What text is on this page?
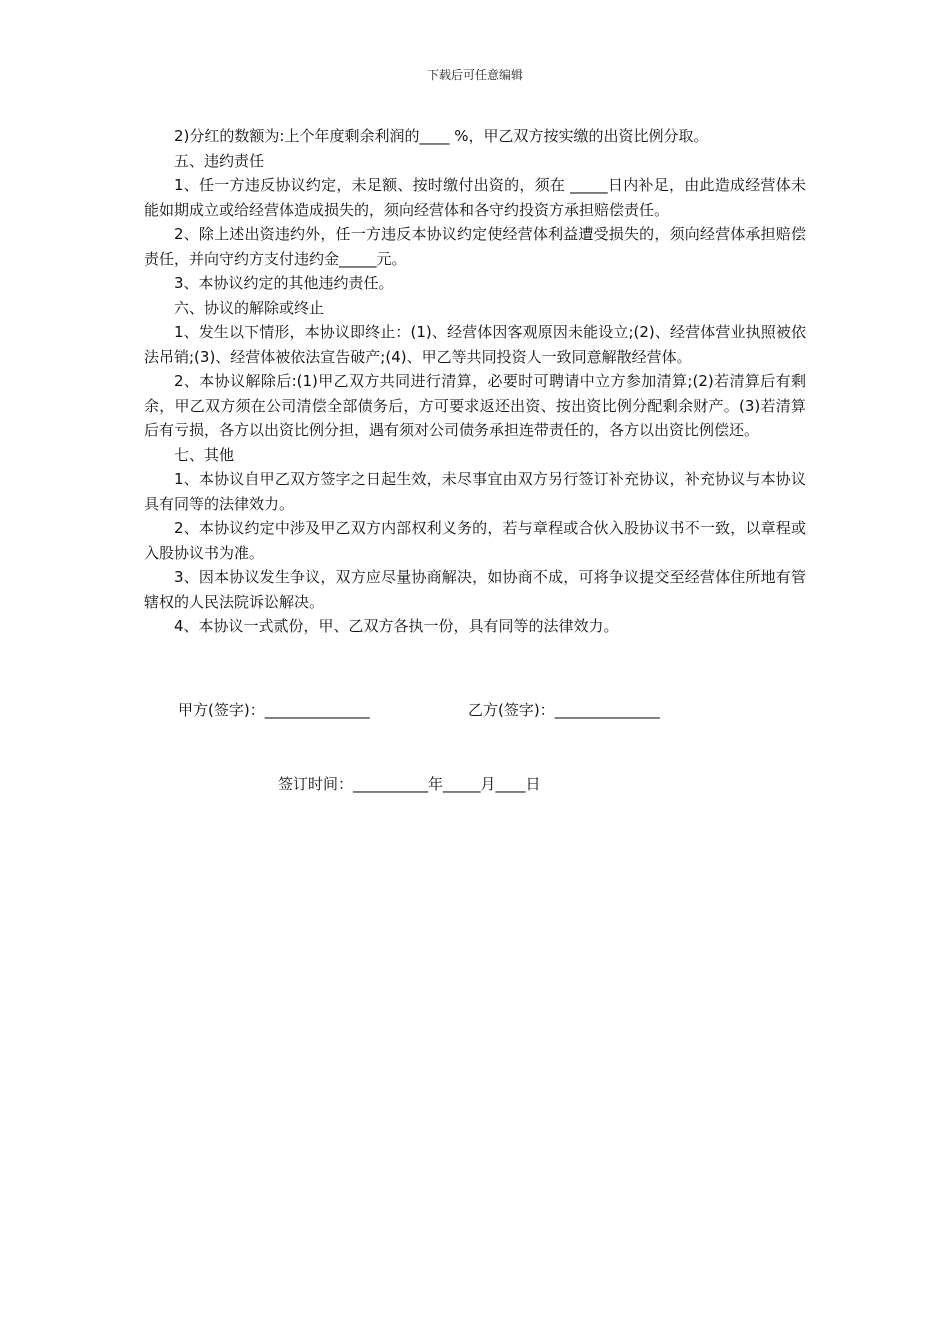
下载后可任意编辑

2)分红的数额为:上个年度剩余利润的____ %，甲乙双方按实缴的出资比例分取。

五、违约责任

1、任一方违反协议约定，未足额、按时缴付出资的，须在 _____日内补足，由此造成经营体未能如期成立或给经营体造成损失的，须向经营体和各守约投资方承担赔偿责任。

2、除上述出资违约外，任一方违反本协议约定使经营体利益遭受损失的，须向经营体承担赔偿责任，并向守约方支付违约金_____元。

3、本协议约定的其他违约责任。

六、协议的解除或终止

1、发生以下情形，本协议即终止：(1)、经营体因客观原因未能设立;(2)、经营体营业执照被依法吊销;(3)、经营体被依法宣告破产;(4)、甲乙等共同投资人一致同意解散经营体。

2、本协议解除后:(1)甲乙双方共同进行清算，必要时可聘请中立方参加清算;(2)若清算后有剩余，甲乙双方须在公司清偿全部债务后，方可要求返还出资、按出资比例分配剩余财产。(3)若清算后有亏损，各方以出资比例分担，遇有须对公司债务承担连带责任的，各方以出资比例偿还。

七、其他

1、本协议自甲乙双方签字之日起生效，未尽事宜由双方另行签订补充协议，补充协议与本协议具有同等的法律效力。

2、本协议约定中涉及甲乙双方内部权利义务的，若与章程或合伙入股协议书不一致，以章程或入股协议书为准。

3、因本协议发生争议，双方应尽量协商解决，如协商不成，可将争议提交至经营体住所地有管辖权的人民法院诉讼解决。

4、本协议一式贰份，甲、乙双方各执一份，具有同等的法律效力。

甲方(签字)：______________	乙方(签字)：______________
签订时间：__________年_____月____日
